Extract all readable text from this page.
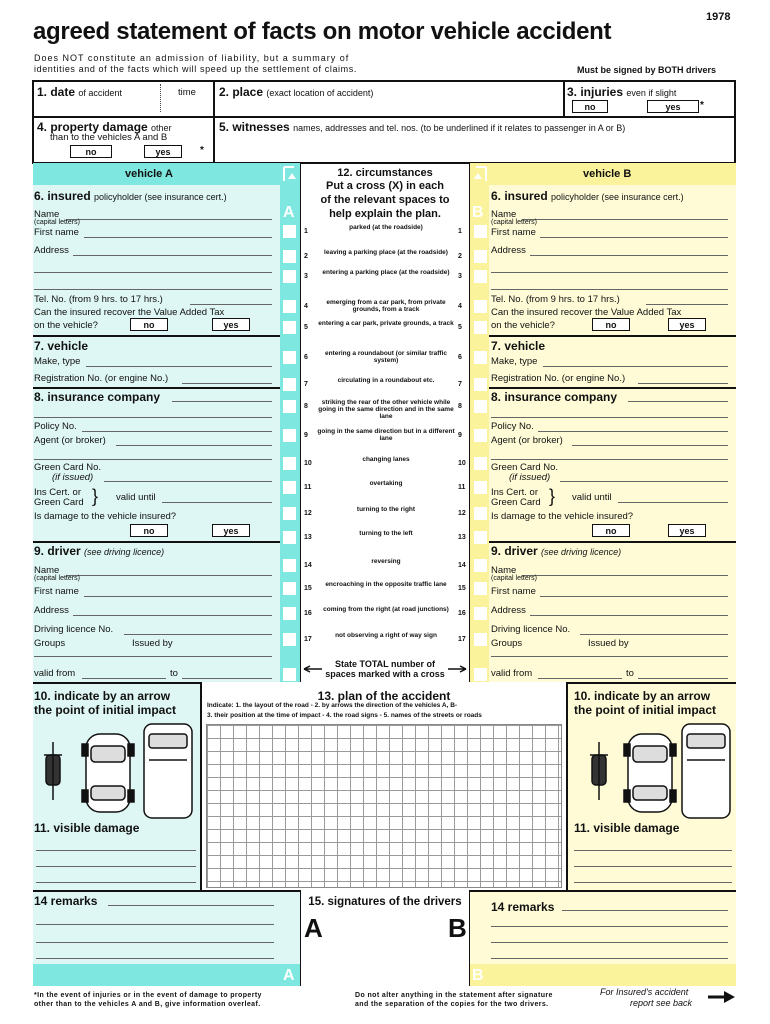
1978
agreed statement of facts on motor vehicle accident
Does NOT constitute an admission of liability, but a summary of
identities and of the facts which will speed up the settlement of claims.	Must be signed by BOTH drivers
1. date of accident	time 2. place (exact location of accident)	3. injuries even if slight
no	yes	*
4. property damage other
than to the vehicles A and B
no	yes	*
5. witnesses names, addresses and tel. nos. (to be underlined if it relates to passenger in A or B)
vehicle A	vehicle B
A	B
A	B
6. insured policyholder (see insurance cert.)
Name
(capital letters)
First name
Address
Tel. No. (from 9 hrs. to 17 hrs.)
Can the insured recover the Value Added Tax
on the vehicle?	no	yes
7. vehicle
Make, type
Registration No. (or engine No.)
8. insurance company
Policy No.
Agent (or broker)
Green Card No.
(if issued)
Ins Cert. or
Green Card } valid until
Is damage to the vehicle insured?
no	yes
9. driver (see driving licence)
Name
(capital letters)
First name
Address
Driving licence No.
Groups	Issued by
valid from	to
6. insured policyholder (see insurance cert.)
Name
(capital letters)
First name
Address
Tel. No. (from 9 hrs. to 17 hrs.)
Can the insured recover the Value Added Tax
on the vehicle?	no	yes
7. vehicle
Make, type
Registration No. (or engine No.)
8. insurance company
Policy No.
Agent (or broker)
Green Card No.
(if issued)
Ins Cert. or
Green Card } valid until
Is damage to the vehicle insured?
no	yes
9. driver (see driving licence)
Name
(capital letters)
First name
Address
Driving licence No.
Groups	Issued by
valid from	to
12. circumstances
Put a cross (X) in each
of the relevant spaces to
help explain the plan.
1
parked (at the roadside)
1
2
leaving a parking place (at the roadside)
2
3
entering a parking place (at the roadside)
3
4
emerging from a car park, from private grounds, from a track	4
5
entering a car park, private grounds, a track
5
6
entering a roundabout (or similar traffic system)	6
7
circulating in a roundabout etc.
7
8
striking the rear of the other vehicle while going in the same direction and in the same lane
8
9
going in the same direction but in a different lane	9
10
changing lanes
10
11
overtaking
11
12
turning to the right
12
13
turning to the left
13
14
reversing
14
15
encroaching in the opposite traffic lane
15
16
coming from the right (at road junctions)
16
17
not observing a right of way sign
17
State TOTAL number of
spaces marked with a cross
10. indicate by an arrow
the point of initial impact
10. indicate by an arrow
the point of initial impact
11. visible damage	11. visible damage
13. plan of the accident
Indicate: 1. the layout of the road - 2. by arrows the direction of the vehicles A, B-
3. their position at the time of impact - 4. the road signs - 5. names of the streets or roads
14 remarks	14 remarks
15. signatures of the drivers
A	B
*In the event of injuries or in the event of damage to property
other than to the vehicles A and B, give information overleaf.
Do not alter anything in the statement after signature
and the separation of the copies for the two drivers.
For Insured's accident
report see back
